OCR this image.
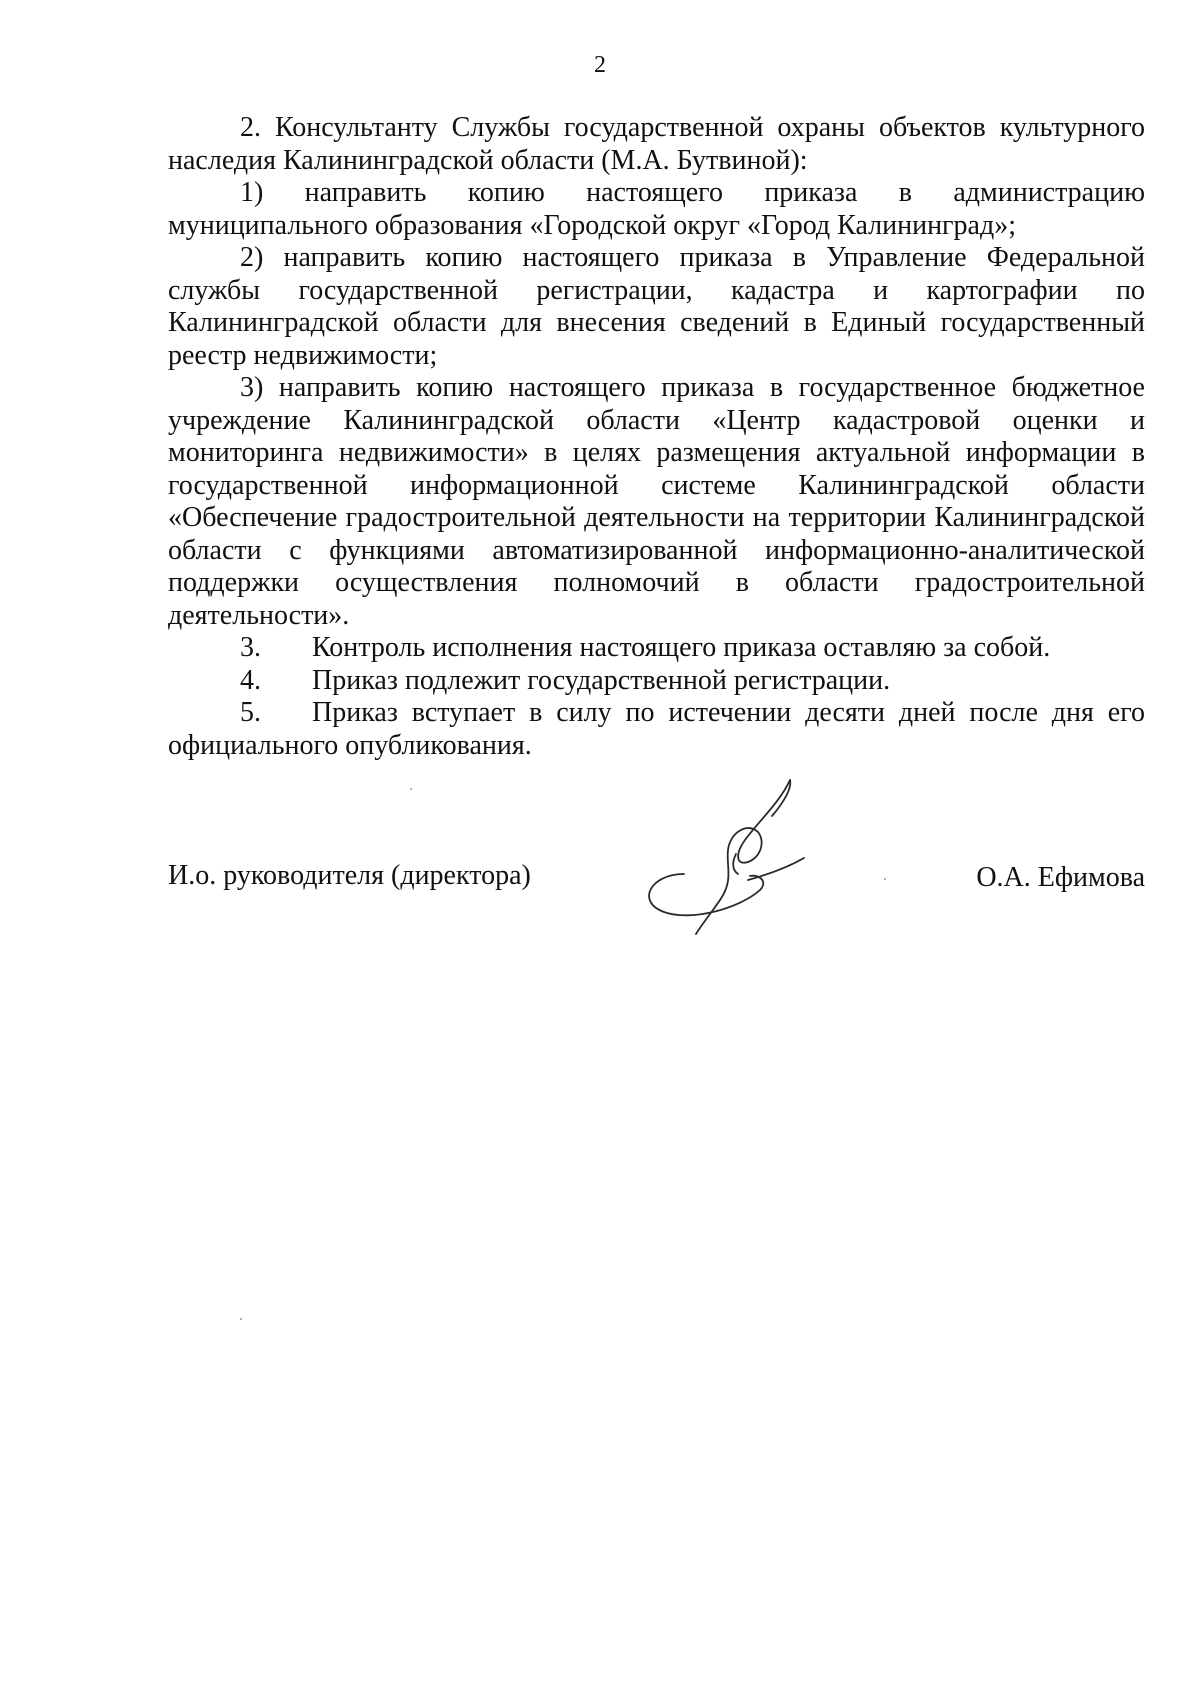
2

2. Консультанту Службы государственной охраны объектов культурного наследия Калининградской области (М.А. Бутвиной):

1) направить копию настоящего приказа в администрацию муниципального образования «Городской округ «Город Калининград»;

2) направить копию настоящего приказа в Управление Федеральной службы государственной регистрации, кадастра и картографии по Калининградской области для внесения сведений в Единый государственный реестр недвижимости;

3) направить копию настоящего приказа в государственное бюджетное учреждение Калининградской области «Центр кадастровой оценки и мониторинга недвижимости» в целях размещения актуальной информации в государственной информационной системе Калининградской области «Обеспечение градостроительной деятельности на территории Калининградской области с функциями автоматизированной информационно-аналитической поддержки осуществления полномочий в области градостроительной деятельности».

3. Контроль исполнения настоящего приказа оставляю за собой.

4. Приказ подлежит государственной регистрации.

5. Приказ вступает в силу по истечении десяти дней после дня его официального опубликования.

И.о. руководителя (директора)	О.А. Ефимова
